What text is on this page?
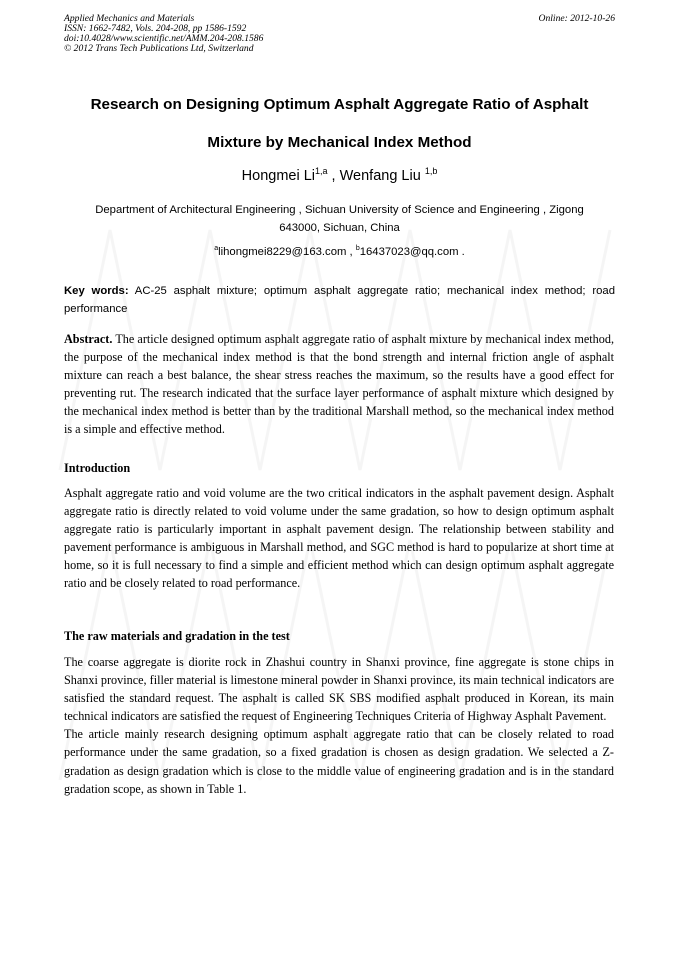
Applied Mechanics and Materials
ISSN: 1662-7482, Vols. 204-208, pp 1586-1592
doi:10.4028/www.scientific.net/AMM.204-208.1586
© 2012 Trans Tech Publications Ltd, Switzerland
Online: 2012-10-26
Research on Designing Optimum Asphalt Aggregate Ratio of Asphalt
Mixture by Mechanical Index Method
Hongmei Li$^{1,a}$ , Wenfang Liu $^{1,b}$
Department of Architectural Engineering , Sichuan University of Science and Engineering , Zigong
643000, Sichuan, China
$^a$lihongmei8229@163.com , $^b$16437023@qq.com .
Key words: AC-25 asphalt mixture; optimum asphalt aggregate ratio; mechanical index method; road performance
Abstract. The article designed optimum asphalt aggregate ratio of asphalt mixture by mechanical index method, the purpose of the mechanical index method is that the bond strength and internal friction angle of asphalt mixture can reach a best balance, the shear stress reaches the maximum, so the results have a good effect for preventing rut. The research indicated that the surface layer performance of asphalt mixture which designed by the mechanical index method is better than by the traditional Marshall method, so the mechanical index method is a simple and effective method.
Introduction
Asphalt aggregate ratio and void volume are the two critical indicators in the asphalt pavement design. Asphalt aggregate ratio is directly related to void volume under the same gradation, so how to design optimum asphalt aggregate ratio is particularly important in asphalt pavement design. The relationship between stability and pavement performance is ambiguous in Marshall method, and SGC method is hard to popularize at short time at home, so it is full necessary to find a simple and efficient method which can design optimum asphalt aggregate ratio and be closely related to road performance.
The raw materials and gradation in the test
The coarse aggregate is diorite rock in Zhashui country in Shanxi province, fine aggregate is stone chips in Shanxi province, filler material is limestone mineral powder in Shanxi province, its main technical indicators are satisfied the standard request. The asphalt is called SK SBS modified asphalt produced in Korean, its main technical indicators are satisfied the request of Engineering Techniques Criteria of Highway Asphalt Pavement.
The article mainly research designing optimum asphalt aggregate ratio that can be closely related to road performance under the same gradation, so a fixed gradation is chosen as design gradation. We selected a Z-gradation as design gradation which is close to the middle value of engineering gradation and is in the standard gradation scope, as shown in Table 1.
